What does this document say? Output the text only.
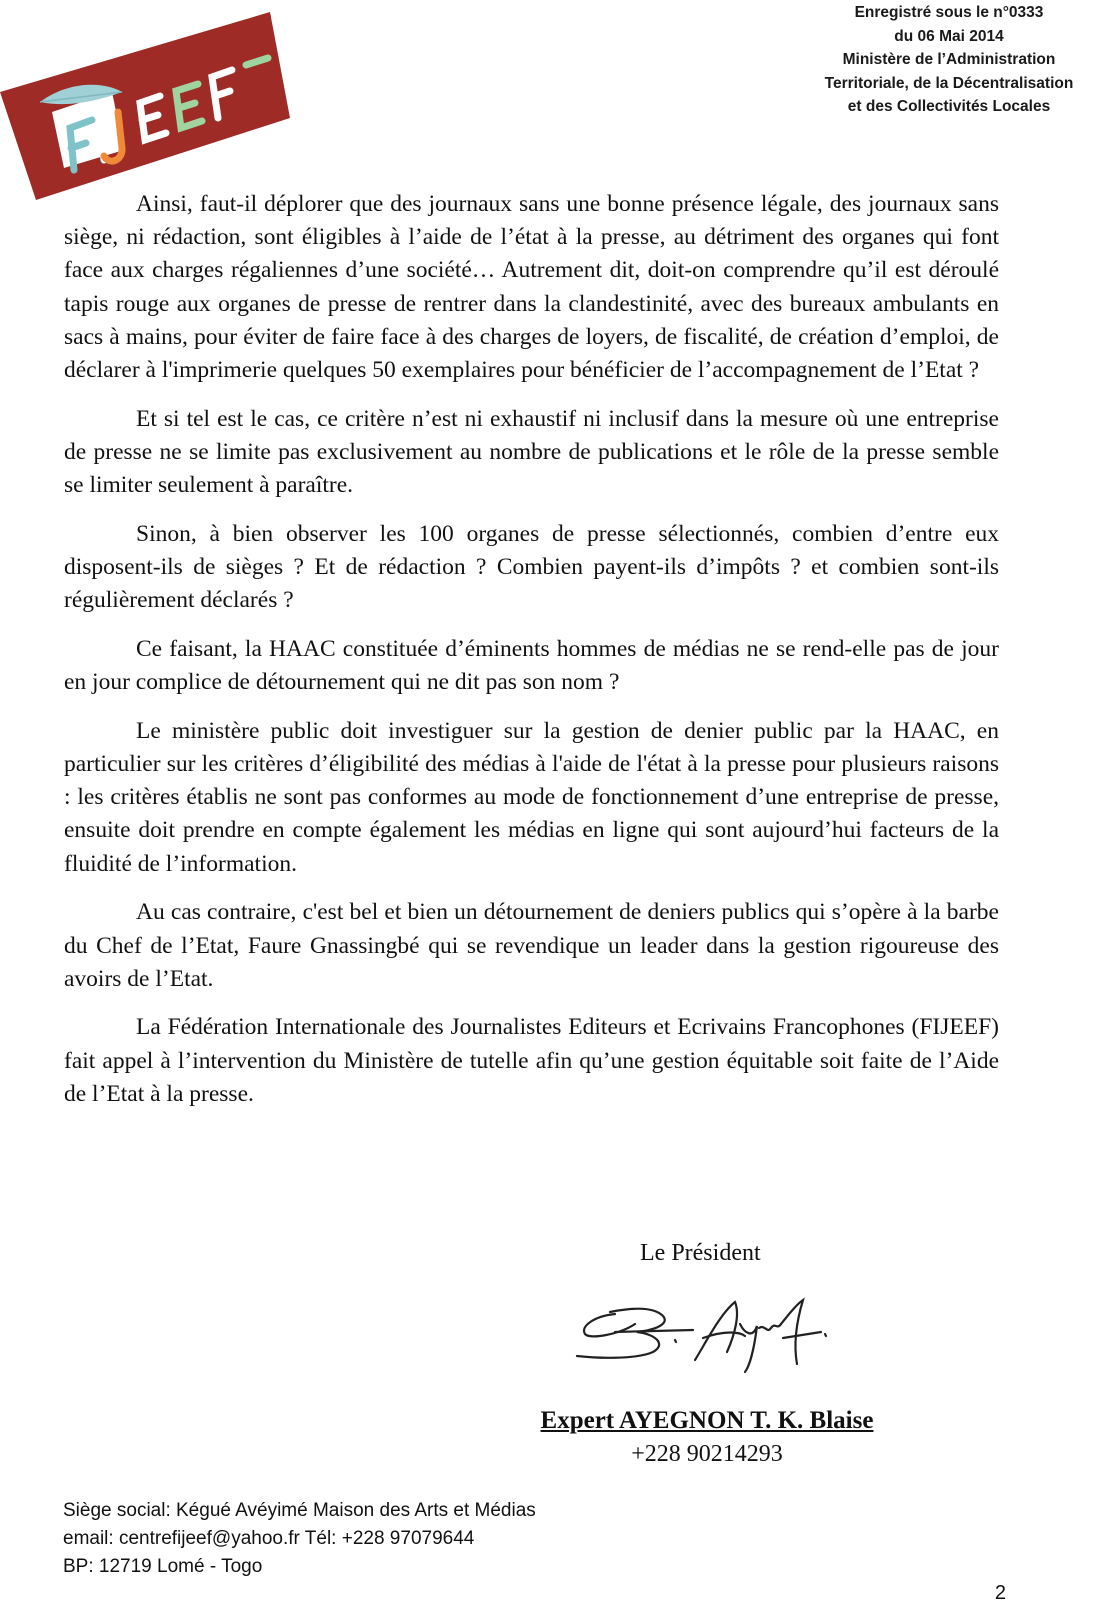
Enregistré sous le n°0333
du 06 Mai 2014
Ministère de l’Administration
Territoriale, de la Décentralisation
et des Collectivités Locales

Ainsi, faut-il déplorer que des journaux sans une bonne présence légale, des journaux sans siège, ni rédaction, sont éligibles à l’aide de l’état à la presse, au détriment des organes qui font face aux charges régaliennes d’une société… Autrement dit, doit-on comprendre qu’il est déroulé tapis rouge aux organes de presse de rentrer dans la clandestinité, avec des bureaux ambulants en sacs à mains, pour éviter de faire face à des charges de loyers, de fiscalité, de création d’emploi, de déclarer à l'imprimerie quelques 50 exemplaires pour bénéficier de l’accompagnement de l’Etat ?

Et si tel est le cas, ce critère n’est ni exhaustif ni inclusif dans la mesure où une entreprise de presse ne se limite pas exclusivement au nombre de publications et le rôle de la presse semble se limiter seulement à paraître.

Sinon, à bien observer les 100 organes de presse sélectionnés, combien d’entre eux disposent-ils de sièges ? Et de rédaction ? Combien payent-ils d’impôts ? et combien sont-ils régulièrement déclarés ?

Ce faisant, la HAAC constituée d’éminents hommes de médias ne se rend-elle pas de jour en jour complice de détournement qui ne dit pas son nom ?

Le ministère public doit investiguer sur la gestion de denier public par la HAAC, en particulier sur les critères d’éligibilité des médias à l'aide de l'état à la presse pour plusieurs raisons : les critères établis ne sont pas conformes au mode de fonctionnement d’une entreprise de presse, ensuite doit prendre en compte également les médias en ligne qui sont aujourd’hui facteurs de la fluidité de l’information.

Au cas contraire, c'est bel et bien un détournement de deniers publics qui s’opère à la barbe du Chef de l’Etat, Faure Gnassingbé qui se revendique un leader dans la gestion rigoureuse des avoirs de l’Etat.

La Fédération Internationale des Journalistes Editeurs et Ecrivains Francophones (FIJEEF) fait appel à l’intervention du Ministère de tutelle afin qu’une gestion équitable soit faite de l’Aide de l’Etat à la presse.

Le Président
Expert AYEGNON T. K. Blaise
+228 90214293
Siège social: Kégué Avéyimé Maison des Arts et Médias
email: centrefijeef@yahoo.fr Tél: +228 97079644
BP: 12719 Lomé - Togo
2
